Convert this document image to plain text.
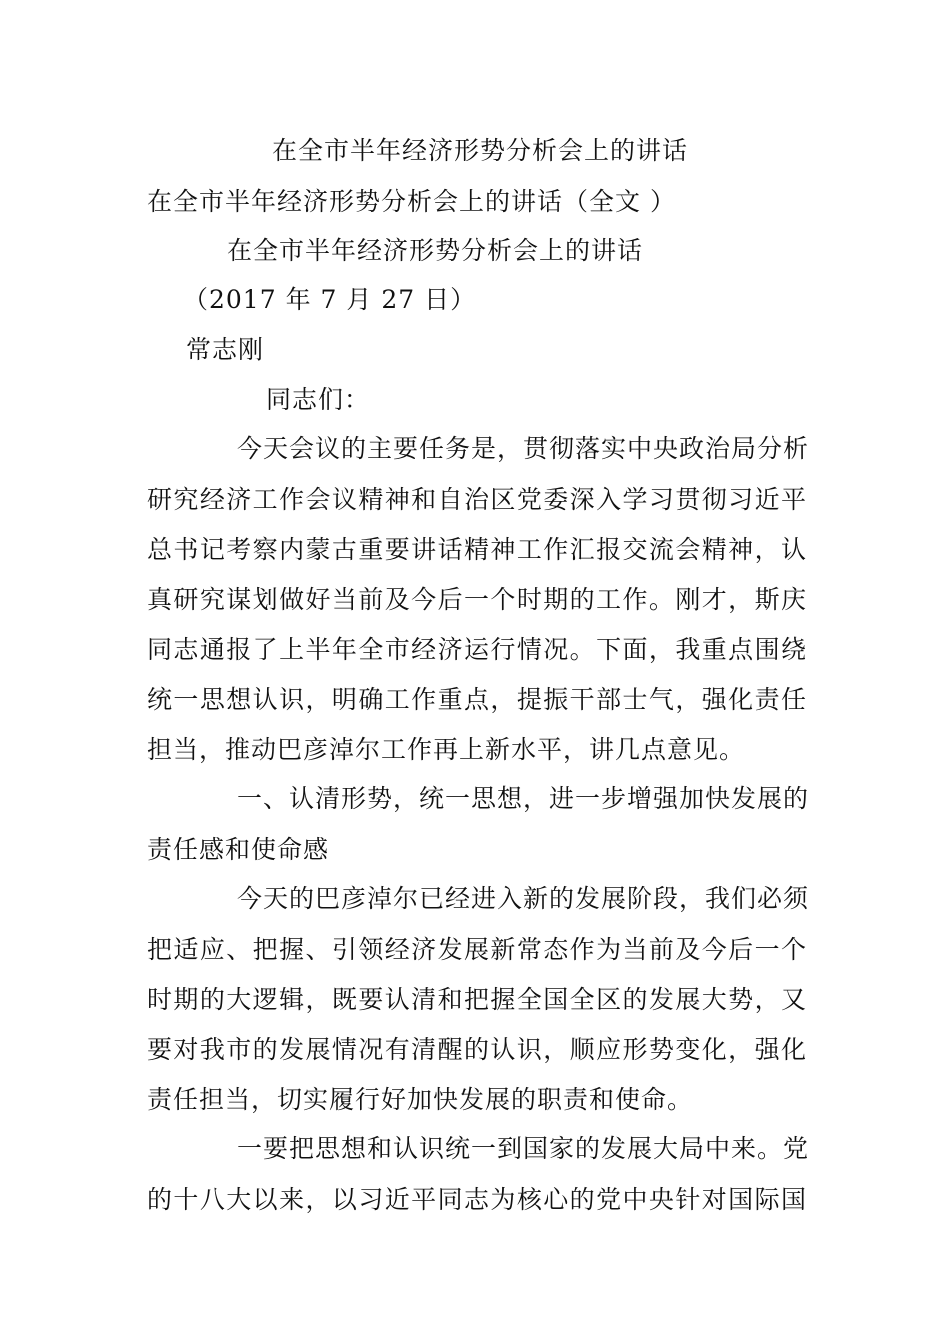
在全市半年经济形势分析会上的讲话
在全市半年经济形势分析会上的讲话（全文 ）
在全市半年经济形势分析会上的讲话
（2017 年 7 月 27 日）
常志刚
同志们：
今天会议的主要任务是，贯彻落实中央政治局分析
研究经济工作会议精神和自治区党委深入学习贯彻习近平
总书记考察内蒙古重要讲话精神工作汇报交流会精神，认
真研究谋划做好当前及今后一个时期的工作。刚才，斯庆
同志通报了上半年全市经济运行情况。下面，我重点围绕
统一思想认识，明确工作重点，提振干部士气，强化责任
担当，推动巴彦淖尔工作再上新水平，讲几点意见。
一、认清形势，统一思想，进一步增强加快发展的
责任感和使命感
今天的巴彦淖尔已经进入新的发展阶段，我们必须
把适应、把握、引领经济发展新常态作为当前及今后一个
时期的大逻辑，既要认清和把握全国全区的发展大势，又
要对我市的发展情况有清醒的认识，顺应形势变化，强化
责任担当，切实履行好加快发展的职责和使命。
一要把思想和认识统一到国家的发展大局中来。党
的十八大以来，以习近平同志为核心的党中央针对国际国
